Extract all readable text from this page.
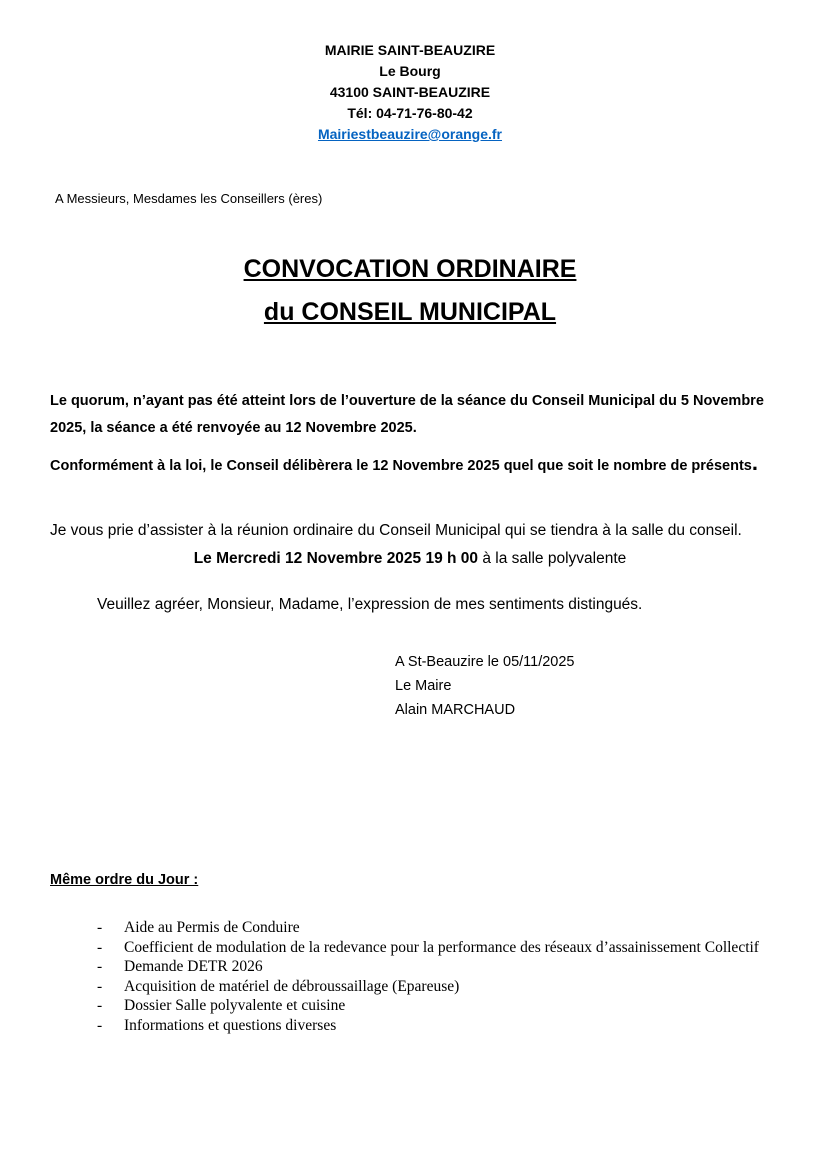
MAIRIE SAINT-BEAUZIRE
Le Bourg
43100 SAINT-BEAUZIRE
Tél: 04-71-76-80-42
Mairiestbeauzire@orange.fr

A Messieurs, Mesdames les Conseillers (ères)

CONVOCATION ORDINAIRE
du CONSEIL MUNICIPAL

Le quorum, n’ayant pas été atteint lors de l’ouverture de la séance du Conseil Municipal du 5 Novembre 2025, la séance a été renvoyée au 12 Novembre 2025.

Conformément à la loi, le Conseil délibèrera le 12 Novembre 2025 quel que soit le nombre de présents.

Je vous prie d’assister à la réunion ordinaire du Conseil Municipal qui se tiendra à la salle du conseil.

Le Mercredi 12 Novembre 2025 19 h 00 à la salle polyvalente

Veuillez agréer, Monsieur, Madame, l’expression de mes sentiments distingués.

A St-Beauzire le 05/11/2025
Le Maire
Alain MARCHAUD

Même ordre du Jour :

-	Aide au Permis de Conduire
-	Coefficient de modulation de la redevance pour la performance des réseaux d’assainissement Collectif
-	Demande DETR 2026
-	Acquisition de matériel de débroussaillage (Epareuse)
-	Dossier Salle polyvalente et cuisine
-	Informations et questions diverses
